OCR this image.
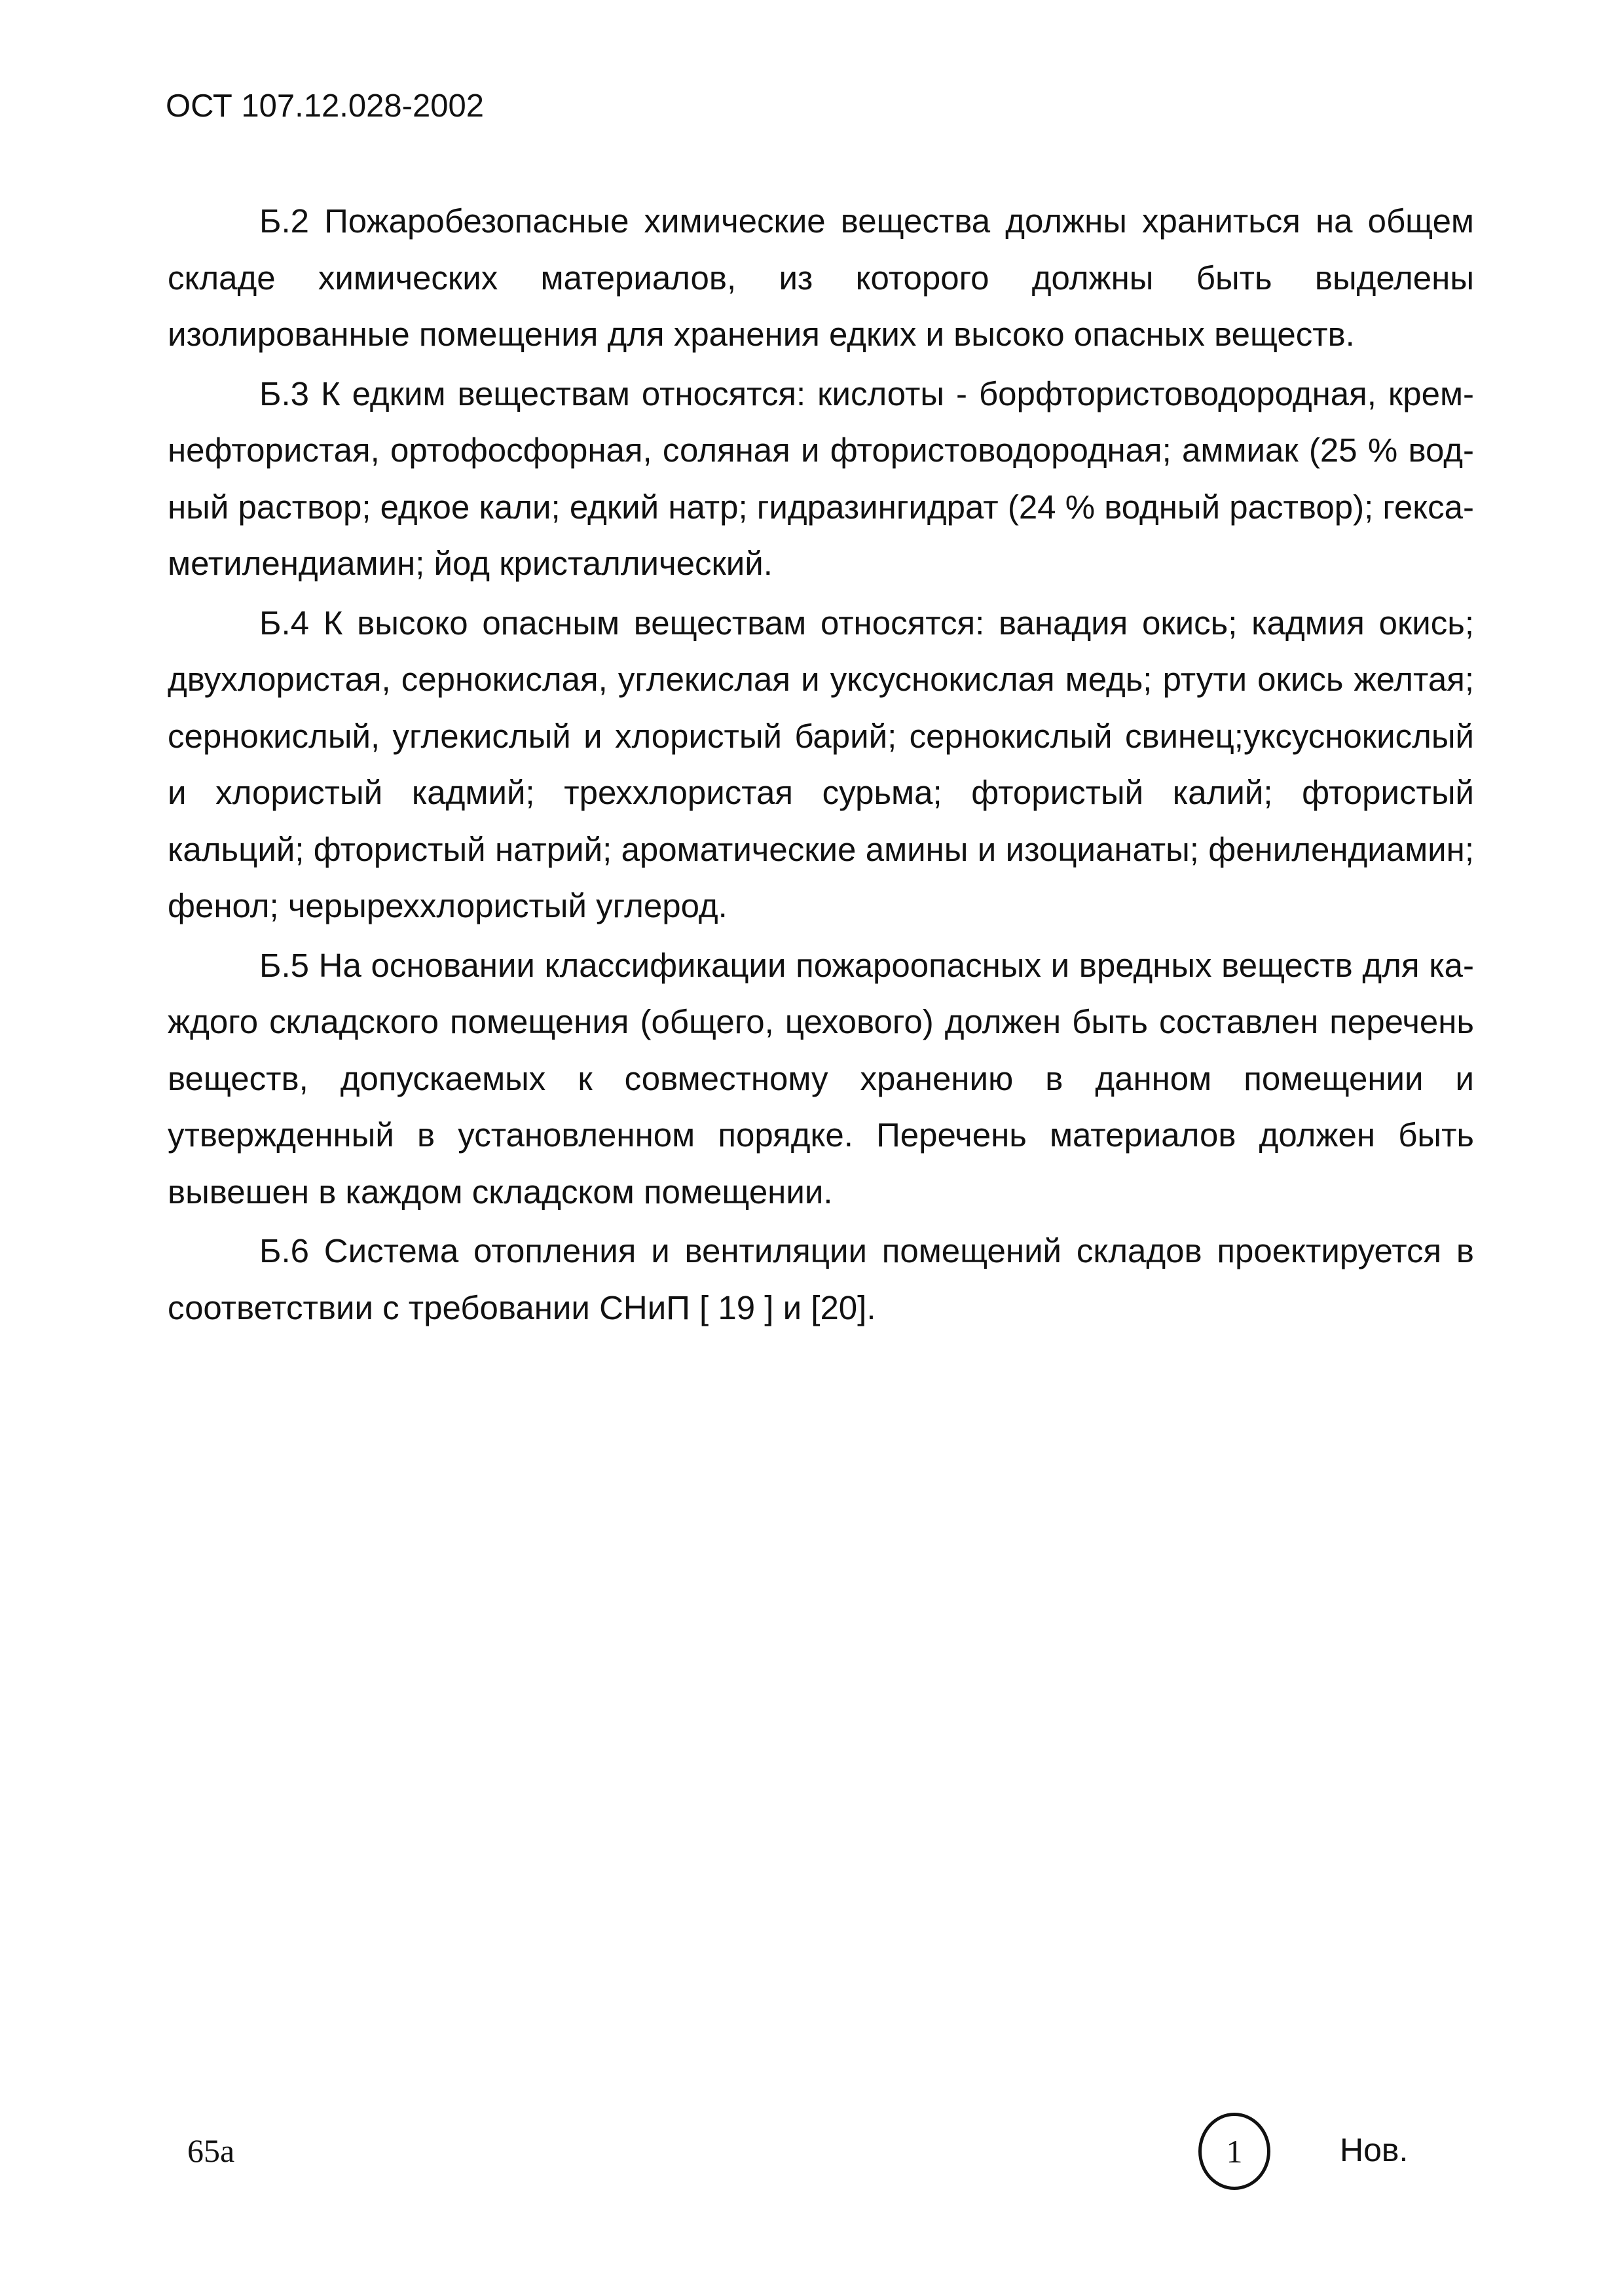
ОСТ 107.12.028-2002

Б.2 Пожаробезопасные химические вещества должны храниться на общем складе химических материалов, из которого должны быть выделены изолированные помещения для хранения едких и высоко опасных веществ.

Б.3 К едким веществам относятся: кислоты - борфтористоводородная, кремнефтористая, ортофосфорная, соляная и фтористоводородная; аммиак (25 % водный раствор; едкое кали; едкий натр; гидразингидрат (24 % водный раствор); гексаметилендиамин; йод кристаллический.

Б.4 К высоко опасным веществам относятся: ванадия окись; кадмия окись; двухлористая, сернокислая, углекислая и уксуснокислая медь; ртути окись желтая; сернокислый, углекислый и хлористый барий; сернокислый свинец;уксуснокислый и хлористый кадмий; треххлористая сурьма; фтористый калий; фтористый кальций; фтористый натрий; ароматические амины и изоцианаты; фенилендиамин; фенол; черыреххлористый углерод.

Б.5 На основании классификации пожароопасных и вредных веществ для каждого складского помещения (общего, цехового) должен быть составлен перечень веществ, допускаемых к совместному хранению в данном помещении и утвержденный в установленном порядке. Перечень материалов должен быть вывешен в каждом складском помещении.

Б.6 Система отопления и вентиляции помещений складов проектируется в соответствии с требовании СНиП [ 19 ] и [20].

65а	1	Нов.
